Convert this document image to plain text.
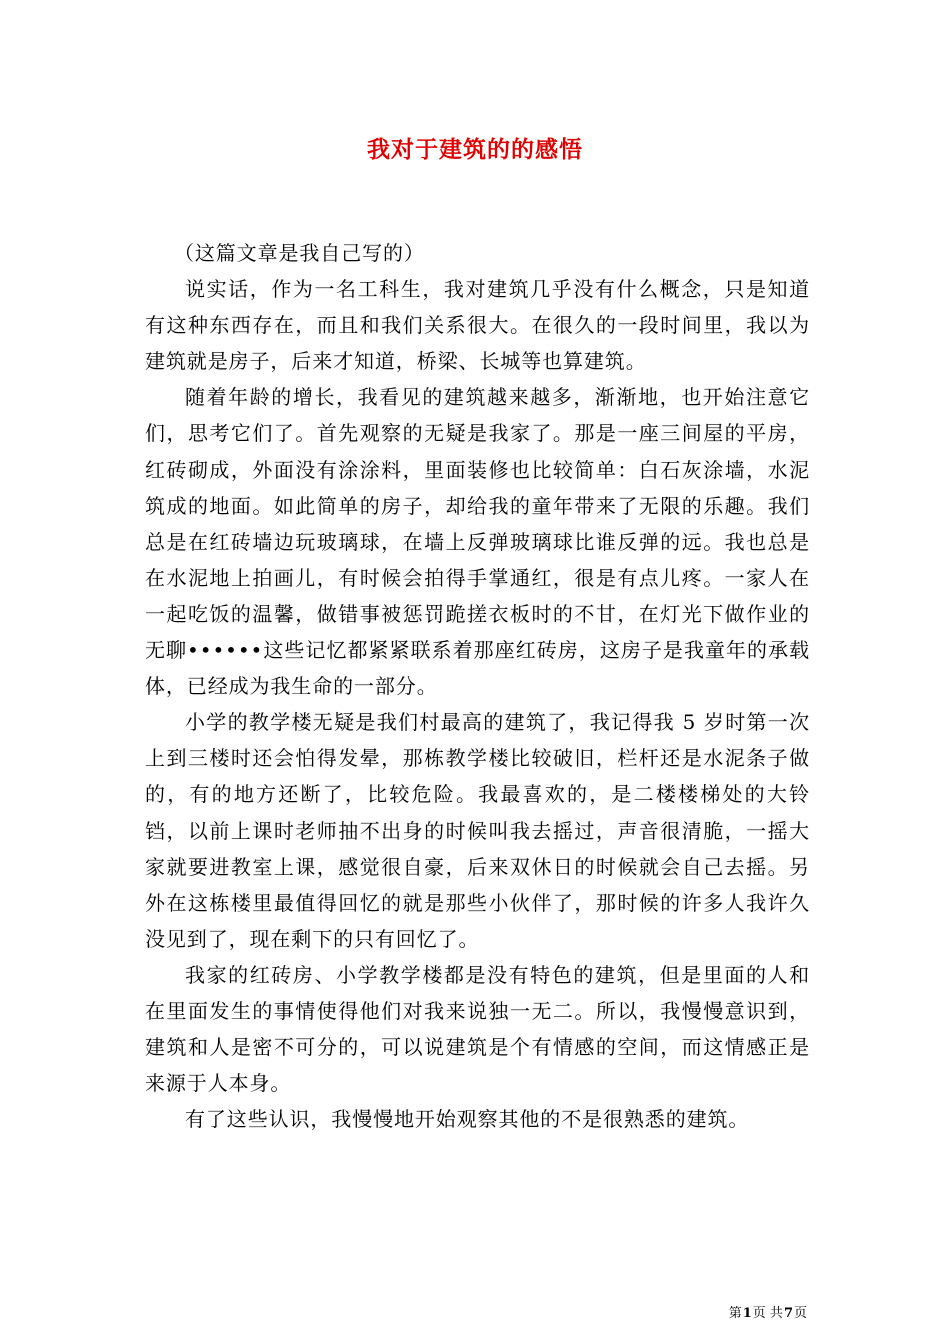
我对于建筑的的感悟

（这篇文章是我自己写的）

说实话，作为一名工科生，我对建筑几乎没有什么概念，只是知道有这种东西存在，而且和我们关系很大。在很久的一段时间里，我以为建筑就是房子，后来才知道，桥梁、长城等也算建筑。

随着年龄的增长，我看见的建筑越来越多，渐渐地，也开始注意它们，思考它们了。首先观察的无疑是我家了。那是一座三间屋的平房，红砖砌成，外面没有涂涂料，里面装修也比较简单：白石灰涂墙，水泥筑成的地面。如此简单的房子，却给我的童年带来了无限的乐趣。我们总是在红砖墙边玩玻璃球，在墙上反弹玻璃球比谁反弹的远。我也总是在水泥地上拍画儿，有时候会拍得手掌通红，很是有点儿疼。一家人在一起吃饭的温馨，做错事被惩罚跪搓衣板时的不甘，在灯光下做作业的无聊••••••这些记忆都紧紧联系着那座红砖房，这房子是我童年的承载体，已经成为我生命的一部分。

小学的教学楼无疑是我们村最高的建筑了，我记得我 5 岁时第一次上到三楼时还会怕得发晕，那栋教学楼比较破旧，栏杆还是水泥条子做的，有的地方还断了，比较危险。我最喜欢的，是二楼楼梯处的大铃铛，以前上课时老师抽不出身的时候叫我去摇过，声音很清脆，一摇大家就要进教室上课，感觉很自豪，后来双休日的时候就会自己去摇。另外在这栋楼里最值得回忆的就是那些小伙伴了，那时候的许多人我许久没见到了，现在剩下的只有回忆了。

我家的红砖房、小学教学楼都是没有特色的建筑，但是里面的人和在里面发生的事情使得他们对我来说独一无二。所以，我慢慢意识到，建筑和人是密不可分的，可以说建筑是个有情感的空间，而这情感正是来源于人本身。

有了这些认识，我慢慢地开始观察其他的不是很熟悉的建筑。

第1页 共7页
